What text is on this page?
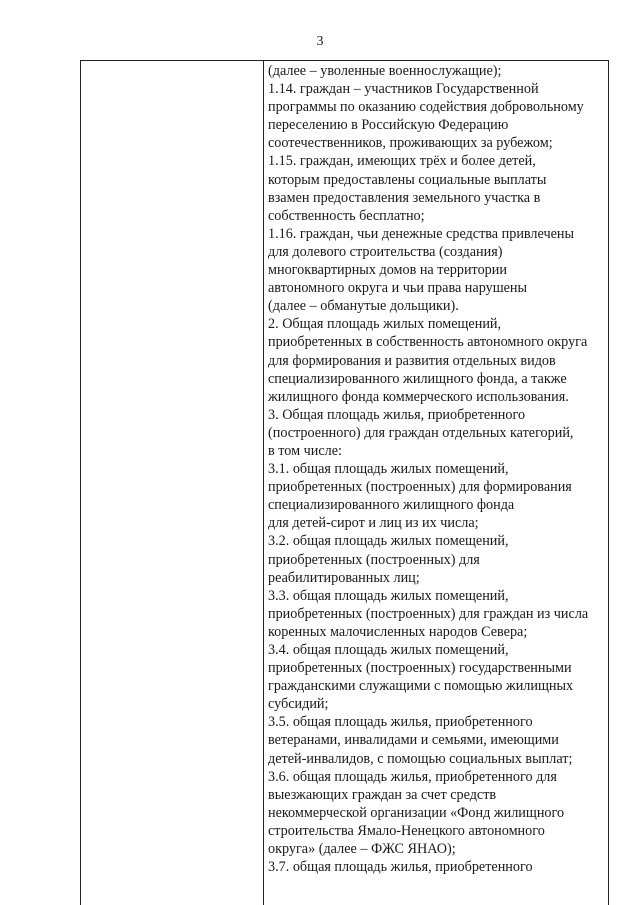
3
(далее – уволенные военнослужащие);
1.14. граждан – участников Государственной
программы по оказанию содействия добровольному
переселению в Российскую Федерацию
соотечественников, проживающих за рубежом;
1.15. граждан, имеющих трёх и более детей,
которым предоставлены социальные выплаты
взамен предоставления земельного участка в
собственность бесплатно;
1.16. граждан, чьи денежные средства привлечены
для долевого строительства (создания)
многоквартирных домов на территории
автономного округа и чьи права нарушены
(далее – обманутые дольщики).
2. Общая площадь жилых помещений,
приобретенных в собственность автономного округа
для формирования и развития отдельных видов
специализированного жилищного фонда, а также
жилищного фонда коммерческого использования.
3. Общая площадь жилья, приобретенного
(построенного) для граждан отдельных категорий,
в том числе:
3.1. общая площадь жилых помещений,
приобретенных (построенных) для формирования
специализированного жилищного фонда
для детей-сирот и лиц из их числа;
3.2. общая площадь жилых помещений,
приобретенных (построенных) для
реабилитированных лиц;
3.3. общая площадь жилых помещений,
приобретенных (построенных) для граждан из числа
коренных малочисленных народов Севера;
3.4. общая площадь жилых помещений,
приобретенных (построенных) государственными
гражданскими служащими с помощью жилищных
субсидий;
3.5. общая площадь жилья, приобретенного
ветеранами, инвалидами и семьями, имеющими
детей-инвалидов, с помощью социальных выплат;
3.6. общая площадь жилья, приобретенного для
выезжающих граждан за счет средств
некоммерческой организации «Фонд жилищного
строительства Ямало-Ненецкого автономного
округа» (далее – ФЖС ЯНАО);
3.7. общая площадь жилья, приобретенного
